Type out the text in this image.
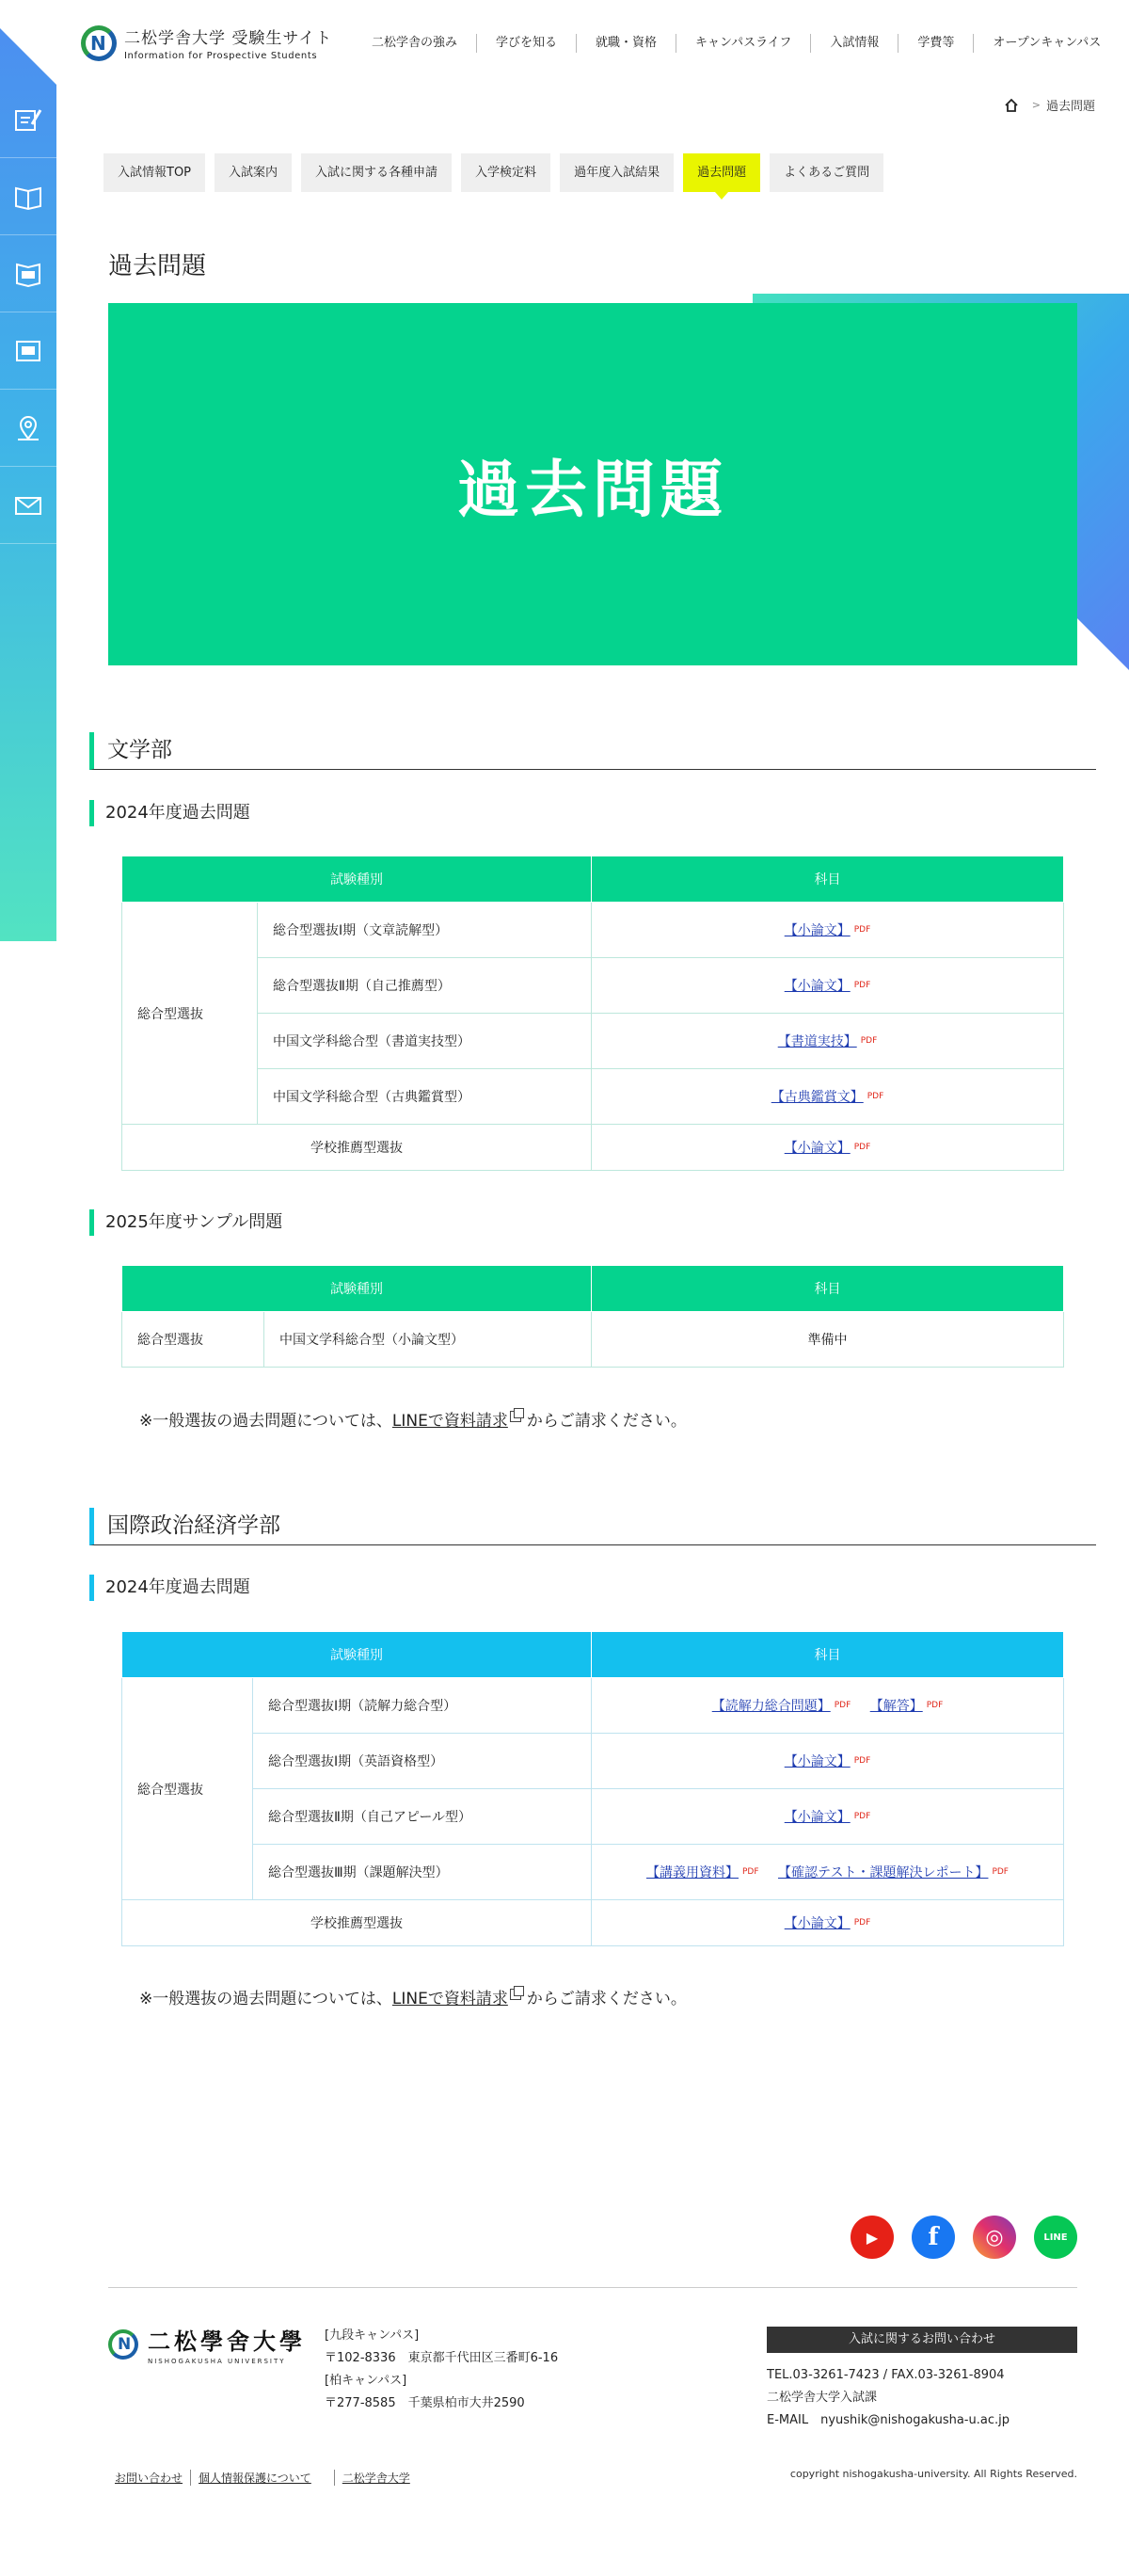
N 二松学舎大学 受験生サイト
Information for Prospective Students
二松学舎の強み	学びを知る	就職・資格	キャンパスライフ	入試情報	学費等	オープンキャンパス
> 過去問題
入試情報TOP	入試案内	入試に関する各種申請	入学検定料	過年度入試結果	過去問題	よくあるご質問
過去問題
過去問題
文学部
2024年度過去問題
試験種別		科目
総合型選抜	総合型選抜Ⅰ期（文章読解型）	【小論文】 PDF
	総合型選抜Ⅱ期（自己推薦型）	【小論文】 PDF
	中国文学科総合型（書道実技型）	【書道実技】 PDF
	中国文学科総合型（古典鑑賞型）	【古典鑑賞文】 PDF
学校推薦型選抜		【小論文】 PDF
2025年度サンプル問題
試験種別		科目
総合型選抜	中国文学科総合型（小論文型）	準備中
※一般選抜の過去問題については、LINEで資料請求 からご請求ください。
国際政治経済学部
2024年度過去問題
試験種別		科目
総合型選抜	総合型選抜Ⅰ期（読解力総合型）	【読解力総合問題】 PDF 【解答】 PDF
	総合型選抜Ⅰ期（英語資格型）	【小論文】 PDF
	総合型選抜Ⅱ期（自己アピール型）	【小論文】 PDF
	総合型選抜Ⅲ期（課題解決型）	【講義用資料】 PDF 【確認テスト・課題解決レポート】 PDF
学校推薦型選抜		【小論文】 PDF
※一般選抜の過去問題については、LINEで資料請求 からご請求ください。
▶ f ◎	LINE
N 二松學舍大學
NISHOGAKUSHA UNIVERSITY
[九段キャンパス]
〒102-8336　東京都千代田区三番町6-16
[柏キャンパス]
〒277-8585　千葉県柏市大井2590
入試に関するお問い合わせ
TEL.03-3261-7423 / FAX.03-3261-8904
二松学舎大学入試課
E-MAIL　nyushik@nishogakusha-u.ac.jp
お問い合わせ	個人情報保護について	二松学舎大学	copyright nishogakusha-university. All Rights Reserved.
